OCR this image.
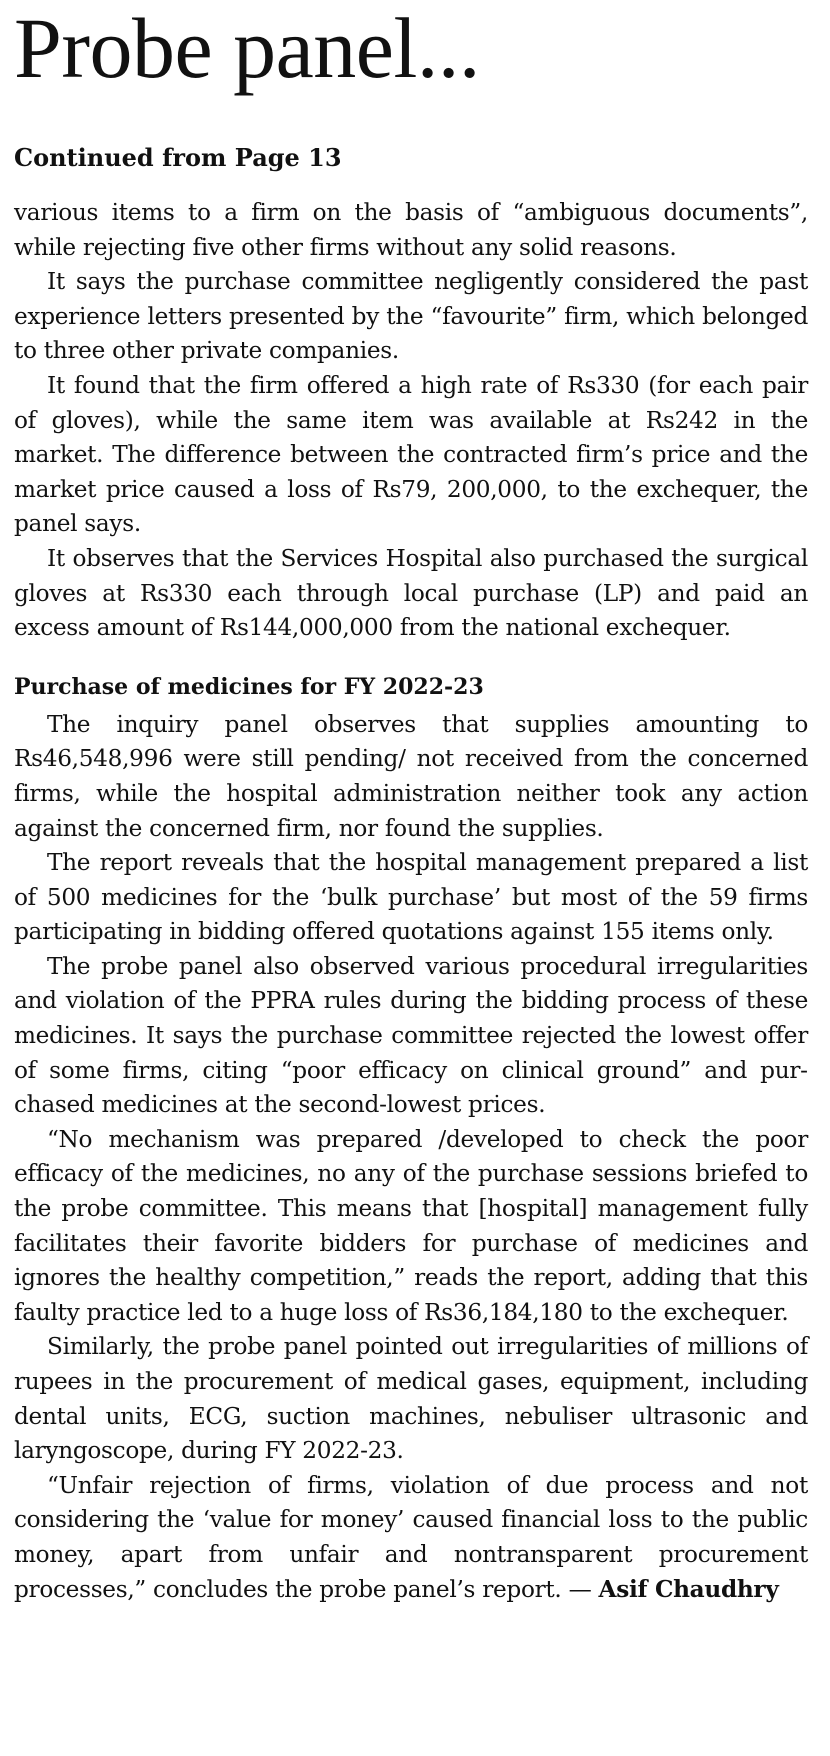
Probe panel...
Continued from Page 13

various items to a firm on the basis of “ambiguous documents”, while rejecting five other firms without any solid reasons.

It says the purchase committee negligently considered the past experience letters presented by the “favourite” firm, which belonged to three other private companies.

It found that the firm offered a high rate of Rs330 (for each pair of gloves), while the same item was available at Rs242 in the market. The difference between the contracted firm’s price and the market price caused a loss of Rs79, 200,000, to the exchequer, the panel says.

It observes that the Services Hospital also purchased the surgical gloves at Rs330 each through local purchase (LP) and paid an excess amount of Rs144,000,000 from the national exchequer.

Purchase of medicines for FY 2022-23

The inquiry panel observes that supplies amounting to Rs46,548,996 were still pending/ not received from the concerned firms, while the hospital administration neither took any action against the concerned firm, nor found the supplies.

The report reveals that the hospital management prepared a list of 500 medicines for the ‘bulk purchase’ but most of the 59 firms participating in bidding offered quotations against 155 items only.

The probe panel also observed various procedural irregularities and violation of the PPRA rules during the bidding process of these medicines. It says the purchase committee rejected the lowest offer of some firms, citing “poor efficacy on clinical ground” and purchased medicines at the second-lowest prices.

“No mechanism was prepared /developed to check the poor efficacy of the medicines, no any of the purchase sessions briefed to the probe committee. This means that [hospital] management fully facilitates their favorite bidders for purchase of medicines and ignores the healthy competition,” reads the report, adding that this faulty practice led to a huge loss of Rs36,184,180 to the exchequer.

Similarly, the probe panel pointed out irregularities of millions of rupees in the procurement of medical gases, equipment, including dental units, ECG, suction machines, nebuliser ultrasonic and laryngoscope, during FY 2022-23.

“Unfair rejection of firms, violation of due process and not considering the ‘value for money’ caused financial loss to the public money, apart from unfair and nontransparent procurement processes,” concludes the probe panel’s report. — Asif Chaudhry
